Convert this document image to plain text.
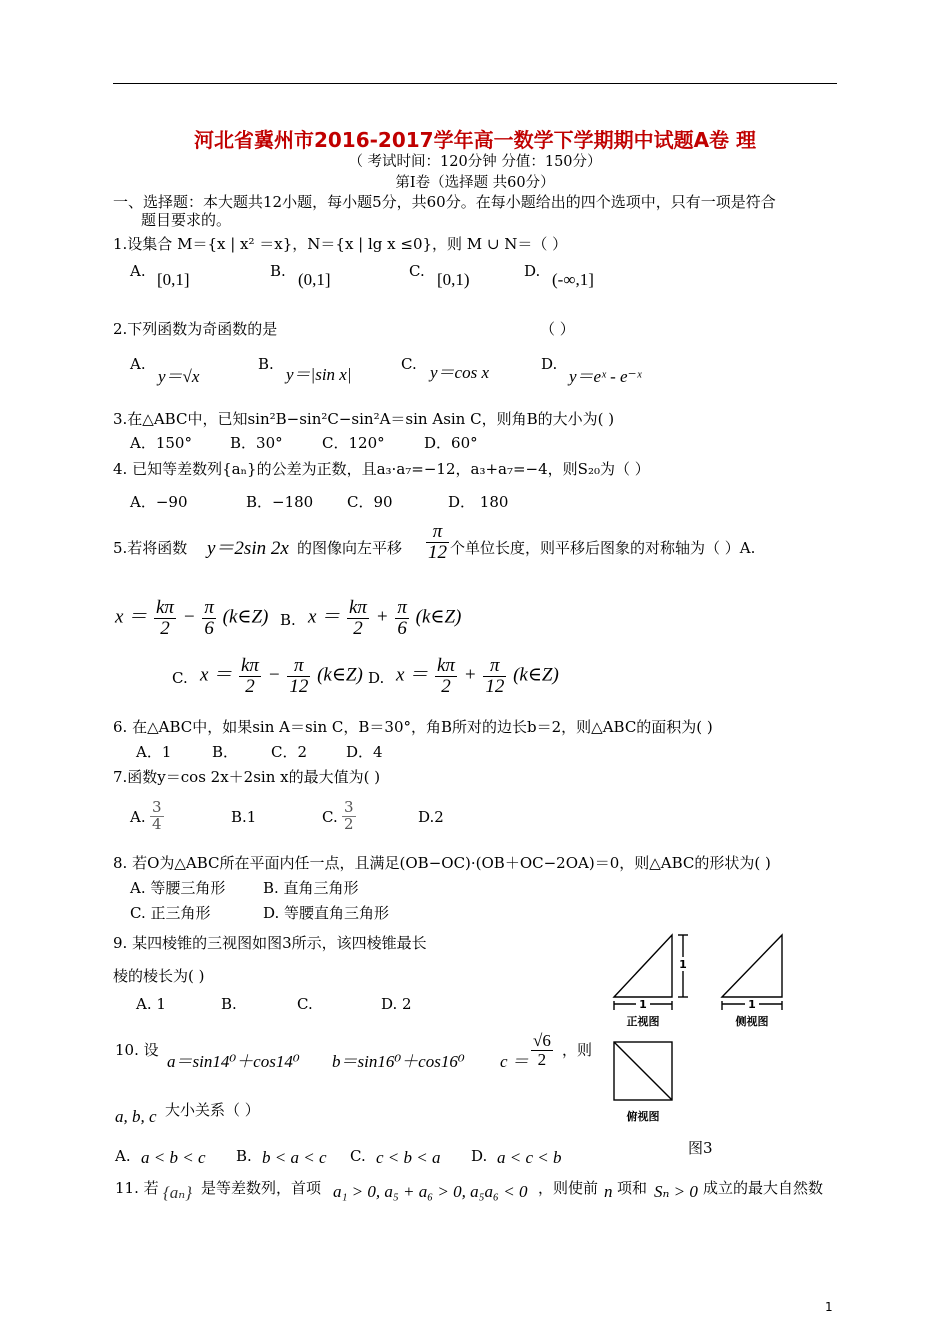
河北省冀州市2016-2017学年高一数学下学期期中试题A卷 理
（ 考试时间：120分钟 分值：150分）
第Ⅰ卷（选择题 共60分）
一、选择题：本大题共12小题，每小题5分，共60分。在每小题给出的四个选项中，只有一项是符合
题目要求的。
1.设集合 M＝{x | x² ＝x}，N＝{x | lg x ≤0}，则 M ∪ N＝（ ）
A. [0,1]	B. (0,1]	C. [0,1)	D. (-∞,1]
2.下列函数为奇函数的是	（ ）
A.
y＝√x
B.
y＝|sin x|
C. y＝cos x	D.
y＝eˣ - e⁻ˣ
3.在△ABC中，已知sin²B−sin²C−sin²A＝sin Asin C，则角B的大小为( )
A．150°	B．30°	C．120°	D．60°
4. 已知等差数列{aₙ}的公差为正数，且a₃·a₇=−12，a₃+a₇=−4，则S₂₀为（ ）
A．−90	B．−180 C．90	D． 180
5.若将函数 y＝2sin 2x 的图像向左平移 $\frac{\pi}{12}$ 个单位长度，则平移后图象的对称轴为（ ）A.
$x = \frac{k\pi}{2} - \frac{\pi}{6}$ (k∈Z) B. $x = \frac{k\pi}{2} + \frac{\pi}{6}$ (k∈Z)
C. $x = \frac{k\pi}{2} - \frac{\pi}{12}$ (k∈Z) D. $x = \frac{k\pi}{2} + \frac{\pi}{12}$ (k∈Z)
6. 在△ABC中，如果sin A＝sin C，B＝30°，角B所对的边长b＝2，则△ABC的面积为( )
A．1	B． C．2	D．4
7.函数y＝cos 2x＋2sin x的最大值为( )
A. $\frac{3}{4}$	B.1	C. $\frac{3}{2}$	D.2
8. 若O为△ABC所在平面内任一点，且满足(OB−OC)·(OB＋OC−2OA)＝0，则△ABC的形状为( )
A. 等腰三角形	B. 直角三角形
C. 正三角形	D. 等腰直角三角形
9. 某四棱锥的三视图如图3所示，该四棱锥最长
棱的棱长为( )
A. 1	B.	C.	D. 2	1
1
1
正视图	侧视图
俯视图
图3
10. 设
a＝sin14⁰＋cos14⁰ b＝sin16⁰＋cos16⁰ $c = \frac{√6}{2}$ ，则
a, b, c 大小关系（ ）
A. a < b < c B. b < a < c C. c < b < a D. a < c < b
11. 若 {aₙ} 是等差数列，首项 a₁ > 0, a₅ + a₆ > 0, a₅a₆ < 0 ，则使前 n 项和 Sₙ > 0 成立的最大自然数
1
